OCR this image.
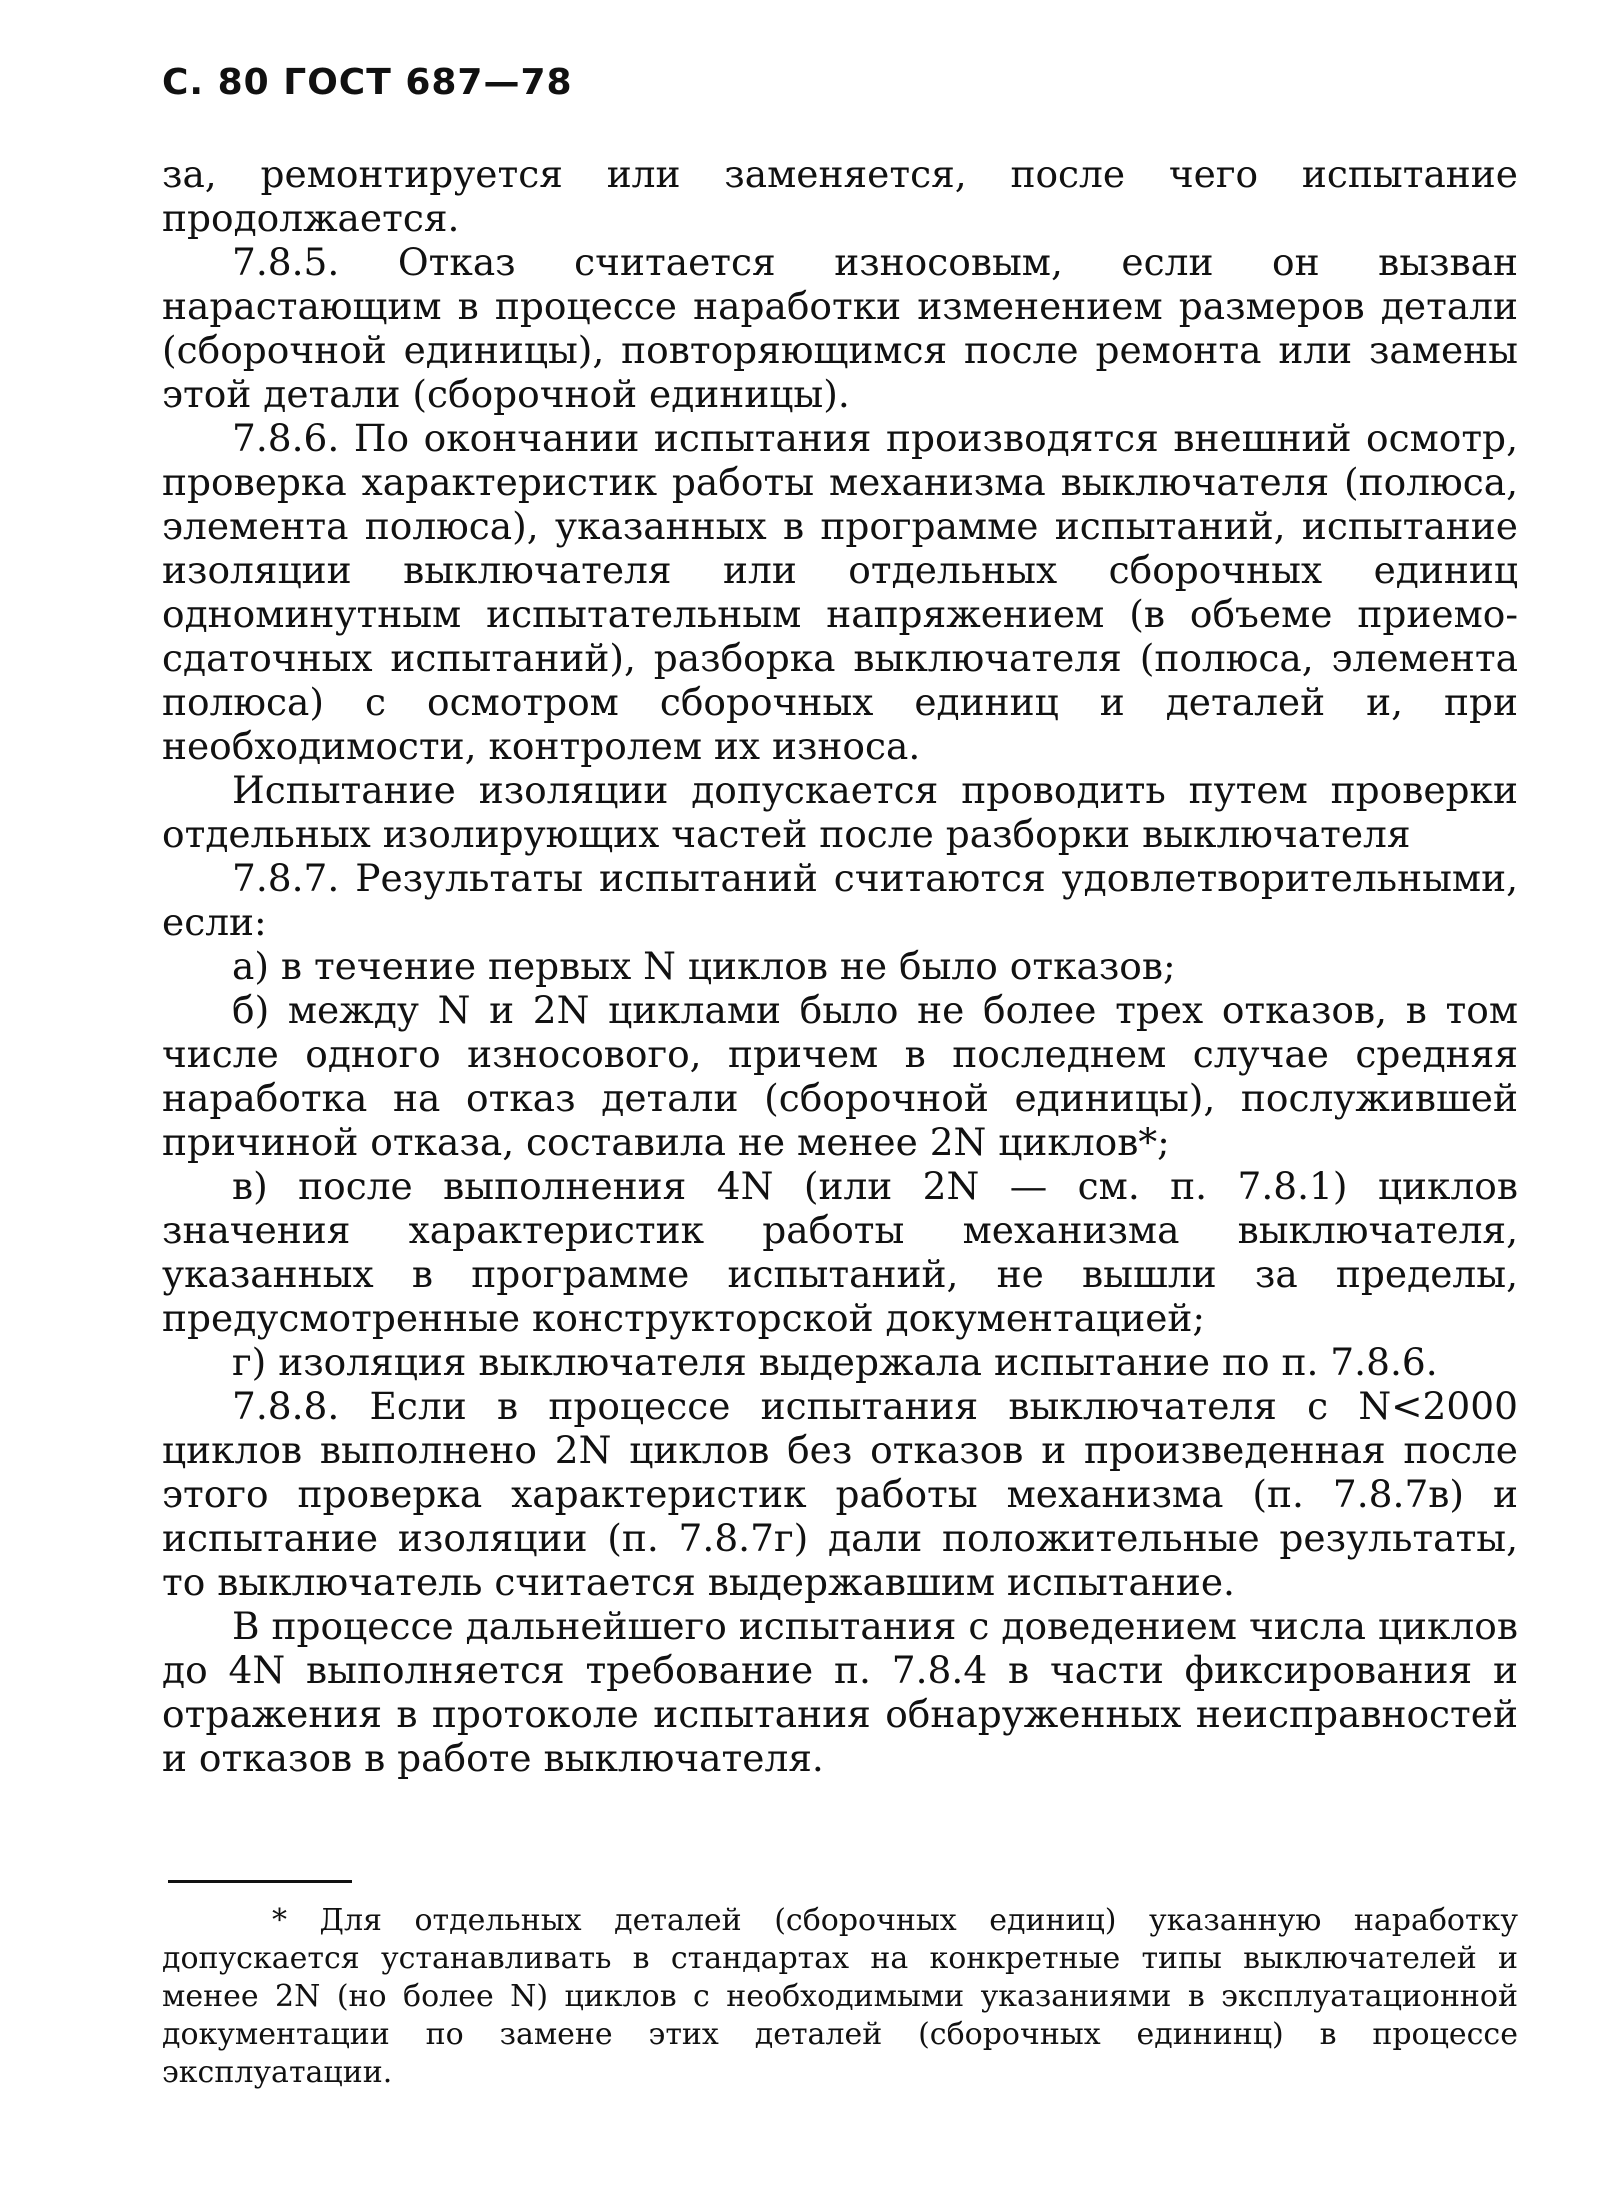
С. 80 ГОСТ 687—78

за, ремонтируется или заменяется, после чего испытание продолжается.

7.8.5. Отказ считается износовым, если он вызван нарастающим в процессе наработки изменением размеров детали (сборочной единицы), повторяющимся после ремонта или замены этой детали (сборочной единицы).

7.8.6. По окончании испытания производятся внешний осмотр, проверка характеристик работы механизма выключателя (полюса, элемента полюса), указанных в программе испытаний, испытание изоляции выключателя или отдельных сборочных единиц одноминутным испытательным напряжением (в объеме приемо-сдаточных испытаний), разборка выключателя (полюса, элемента полюса) с осмотром сборочных единиц и деталей и, при необходимости, контролем их износа.

Испытание изоляции допускается проводить путем проверки отдельных изолирующих частей после разборки выключателя

7.8.7. Результаты испытаний считаются удовлетворительными, если:

а) в течение первых N циклов не было отказов;

б) между N и 2N циклами было не более трех отказов, в том числе одного износового, причем в последнем случае средняя наработка на отказ детали (сборочной единицы), послужившей причиной отказа, составила не менее 2N циклов*;

в) после выполнения 4N (или 2N — см. п. 7.8.1) циклов значения характеристик работы механизма выключателя, указанных в программе испытаний, не вышли за пределы, предусмотренные конструкторской документацией;

г) изоляция выключателя выдержала испытание по п. 7.8.6.

7.8.8. Если в процессе испытания выключателя с N<2000 циклов выполнено 2N циклов без отказов и произведенная после этого проверка характеристик работы механизма (п. 7.8.7в) и испытание изоляции (п. 7.8.7г) дали положительные результаты, то выключатель считается выдержавшим испытание.

В процессе дальнейшего испытания с доведением числа циклов до 4N выполняется требование п. 7.8.4 в части фиксирования и отражения в протоколе испытания обнаруженных неисправностей и отказов в работе выключателя.

* Для отдельных деталей (сборочных единиц) указанную наработку допускается устанавливать в стандартах на конкретные типы выключателей и менее 2N (но более N) циклов с необходимыми указаниями в эксплуатационной документации по замене этих деталей (сборочных едининц) в процессе эксплуатации.
